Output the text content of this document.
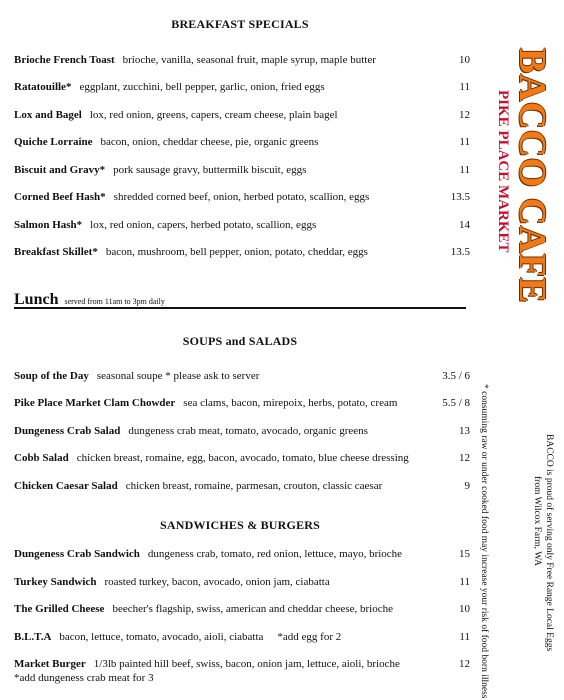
BREAKFAST SPECIALS
Brioche French Toast brioche, vanilla, seasonal fruit, maple syrup, maple butter	10
Ratatouille* eggplant, zucchini, bell pepper, garlic, onion, fried eggs	11
Lox and Bagel lox, red onion, greens, capers, cream cheese, plain bagel	12
Quiche Lorraine bacon, onion, cheddar cheese, pie, organic greens	11
Biscuit and Gravy* pork sausage gravy, buttermilk biscuit, eggs	11
Corned Beef Hash* shredded corned beef, onion, herbed potato, scallion, eggs	13.5
Salmon Hash* lox, red onion, capers, herbed potato, scallion, eggs	14
Breakfast Skillet* bacon, mushroom, bell pepper, onion, potato, cheddar, eggs	13.5
Lunch served from 11am to 3pm daily
SOUPS and SALADS
Soup of the Day seasonal soupe * please ask to server	3.5 / 6
Pike Place Market Clam Chowder sea clams, bacon, mirepoix, herbs, potato, cream	5.5 / 8
Dungeness Crab Salad dungeness crab meat, tomato, avocado, organic greens	13
Cobb Salad chicken breast, romaine, egg, bacon, avocado, tomato, blue cheese dressing	12
Chicken Caesar Salad chicken breast, romaine, parmesan, crouton, classic caesar	9
SANDWICHES & BURGERS
Dungeness Crab Sandwich dungeness crab, tomato, red onion, lettuce, mayo, brioche	15
Turkey Sandwich roasted turkey, bacon, avocado, onion jam, ciabatta	11
The Grilled Cheese beecher's flagship, swiss, american and cheddar cheese, brioche	10
B.L.T.A bacon, lettuce, tomato, avocado, aioli, ciabatta *add egg for 2	11
Market Burger 1/3lb painted hill beef, swiss, bacon, onion jam, lettuce, aioli, brioche	12
*add dungeness crab meat for 3
BACCO CAFE
PIKE PLACE MARKET
BACCO is proud of serving only Free Range Local Eggs
from Wilcox Farm, WA
* consuming raw or under cooked food may increase your risk of food born illness
